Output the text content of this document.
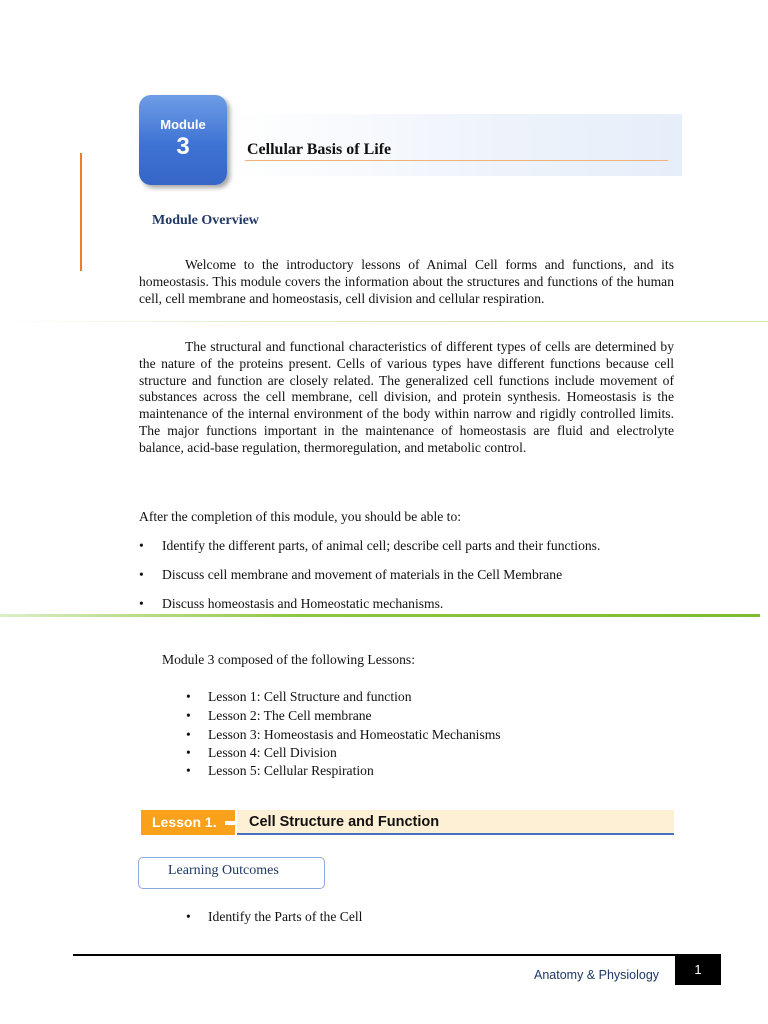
Module
3	Cellular Basis of Life
Module Overview

Welcome to the introductory lessons of Animal Cell forms and functions, and its homeostasis. This module covers the information about the structures and functions of the human cell, cell membrane and homeostasis, cell division and cellular respiration.

The structural and functional characteristics of different types of cells are determined by the nature of the proteins present. Cells of various types have different functions because cell structure and function are closely related. The generalized cell functions include movement of substances across the cell membrane, cell division, and protein synthesis. Homeostasis is the maintenance of the internal environment of the body within narrow and rigidly controlled limits. The major functions important in the maintenance of homeostasis are fluid and electrolyte balance, acid-base regulation, thermoregulation, and metabolic control.

After the completion of this module, you should be able to:
• Identify the different parts, of animal cell; describe cell parts and their functions.
• Discuss cell membrane and movement of materials in the Cell Membrane
• Discuss homeostasis and Homeostatic mechanisms.
Module 3 composed of the following Lessons:
• Lesson 1: Cell Structure and function
• Lesson 2: The Cell membrane
• Lesson 3: Homeostasis and Homeostatic Mechanisms
• Lesson 4: Cell Division
• Lesson 5: Cellular Respiration
Lesson 1.	Cell Structure and Function
Learning Outcomes
• Identify the Parts of the Cell
Anatomy & Physiology	1
